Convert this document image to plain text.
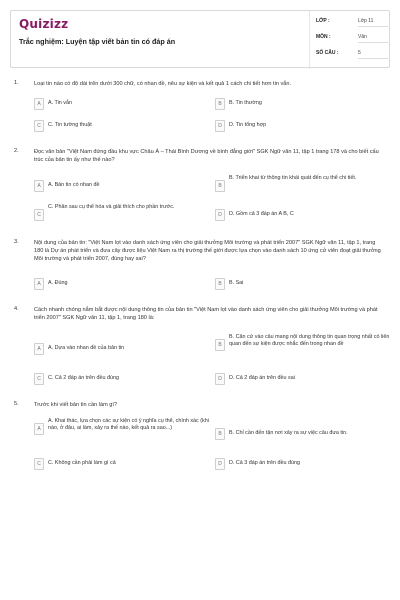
Quizizz
Trắc nghiệm: Luyện tập viết bản tin có đáp án
LỚP :	Lớp 11
MÔN :	Văn
SỐ CÂU :	5
1.	Loại tin nào có độ dài trên dưới 300 chữ, có nhan đề, nêu sự kiện và kết quả 1 cách chi tiết hơn tin vắn.
A	A. Tin vắn	B	B. Tin thường
C	C. Tin tường thuật	D	D. Tin tổng hợp
2.	Đọc văn bản "Việt Nam đứng đầu khu vực Châu Á – Thái Bình Dương về bình đẳng giới" SGK Ngữ văn 11, tập 1 trang 178 và cho biết cấu trúc của bản tin ấy như thế nào?
A	A. Bản tin có nhan đề	B
B. Triển khai từ thông tin khái quát đến cụ thể chi tiết.
C
C. Phân sau cụ thể hóa và giải thích cho phần trước.
D	D. Gồm cả 3 đáp án A B, C
3.	Nội dung của bản tin: "Việt Nam lọt vào danh sách ứng viên cho giải thưởng Môi trường và phát triển 2007" SGK Ngữ văn 11, tập 1, trang 180 là Dự án phát triển và đưa cây được liệu Việt Nam ra thị trường thế giới được lựa chọn vào danh sách 10 ứng cử viên đoạt giải thưởng Môi trường và phát triển 2007, đúng hay sai?
A	A. Đúng	B	B. Sai
4.	Cách nhanh chóng nắm bắt được nội dung thông tin của bản tin "Việt Nam lọt vào danh sách ứng viên cho giải thưởng Môi trường và phát triển 2007" SGK Ngữ văn 11, tập 1, trang 180 là:
A	A. Dựa vào nhan đề của bản tin	B
B. Căn cứ vào câu mang nội dung thông tin quan trọng nhất có liên quan đến sự kiện được nhắc đến trong nhan đề
C	C. Cả 2 đáp án trên đều đúng	D	D. Cả 2 đáp án trên đều sai
5.	Trước khi viết bản tin cần làm gì?
A
A. Khai thác, lựa chọn các sự kiện có ý nghĩa cụ thể, chính xác (khi nào, ở đâu, ai làm, xảy ra thế nào, kết quả ra sao...)
B	B. Chỉ cần đến tận nơi xảy ra sự việc câu đưa tin.
C	C. Không cần phải làm gì cả	D	D. Cả 3 đáp án trên đều đúng
